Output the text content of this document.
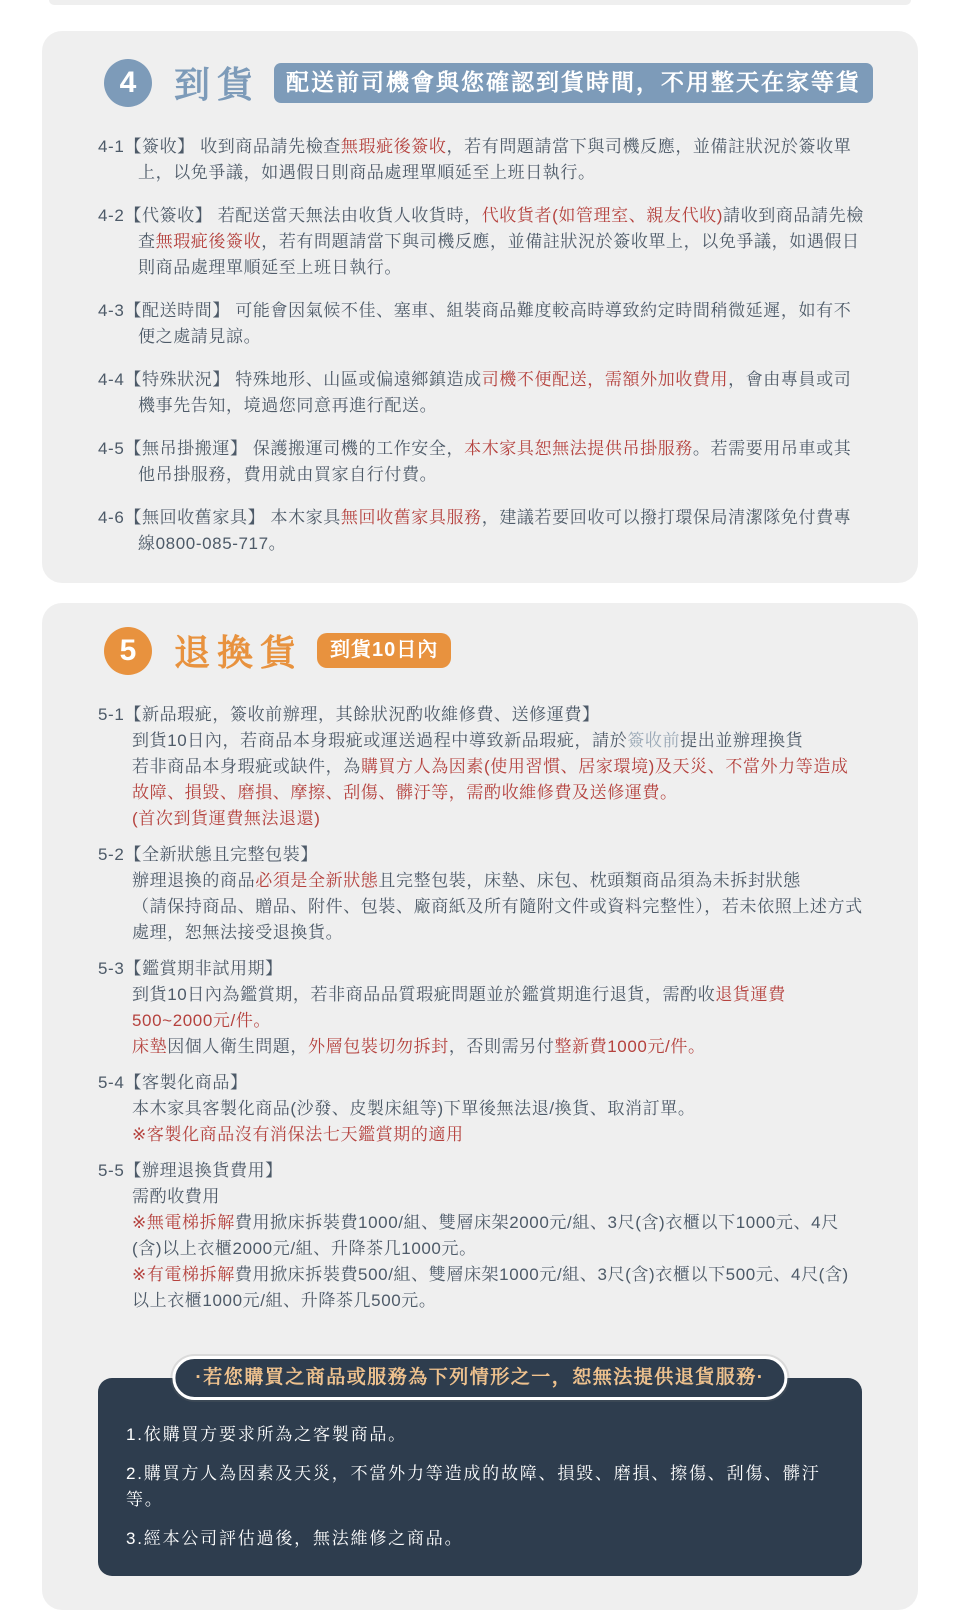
4	到貨	配送前司機會與您確認到貨時間，不用整天在家等貨

4-1【簽收】 收到商品請先檢查無瑕疵後簽收，若有問題請當下與司機反應，並備註狀況於簽收單上，以免爭議，如遇假日則商品處理單順延至上班日執行。

4-2【代簽收】 若配送當天無法由收貨人收貨時，代收貨者(如管理室、親友代收)請收到商品請先檢查無瑕疵後簽收，若有問題請當下與司機反應，並備註狀況於簽收單上，以免爭議，如遇假日則商品處理單順延至上班日執行。

4-3【配送時間】 可能會因氣候不佳、塞車、組裝商品難度較高時導致約定時間稍微延遲，如有不便之處請見諒。

4-4【特殊狀況】 特殊地形、山區或偏遠鄉鎮造成司機不便配送，需額外加收費用，會由專員或司機事先告知，境過您同意再進行配送。

4-5【無吊掛搬運】 保護搬運司機的工作安全，本木家具恕無法提供吊掛服務。若需要用吊車或其他吊掛服務，費用就由買家自行付費。

4-6【無回收舊家具】 本木家具無回收舊家具服務，建議若要回收可以撥打環保局清潔隊免付費專線0800-085-717。

5	退換貨	到貨10日內

5-1【新品瑕疵，簽收前辦理，其餘狀況酌收維修費、送修運費】
到貨10日內，若商品本身瑕疵或運送過程中導致新品瑕疵，請於簽收前提出並辦理換貨
若非商品本身瑕疵或缺件，為購買方人為因素(使用習慣、居家環境)及天災、不當外力等造成故障、損毀、磨損、摩擦、刮傷、髒汙等，需酌收維修費及送修運費。
(首次到貨運費無法退還)

5-2【全新狀態且完整包裝】
辦理退換的商品必須是全新狀態且完整包裝，床墊、床包、枕頭類商品須為未拆封狀態
（請保持商品、贈品、附件、包裝、廠商紙及所有隨附文件或資料完整性），若未依照上述方式處理，恕無法接受退換貨。

5-3【鑑賞期非試用期】
到貨10日內為鑑賞期，若非商品品質瑕疵問題並於鑑賞期進行退貨，需酌收退貨運費500~2000元/件。
床墊因個人衛生問題，外層包裝切勿拆封，否則需另付整新費1000元/件。

5-4【客製化商品】
本木家具客製化商品(沙發、皮製床組等)下單後無法退/換貨、取消訂單。
※客製化商品沒有消保法七天鑑賞期的適用

5-5【辦理退換貨費用】
需酌收費用
※無電梯拆解費用掀床拆裝費1000/組、雙層床架2000元/組、3尺(含)衣櫃以下1000元、4尺(含)以上衣櫃2000元/組、升降茶几1000元。
※有電梯拆解費用掀床拆裝費500/組、雙層床架1000元/組、3尺(含)衣櫃以下500元、4尺(含)以上衣櫃1000元/組、升降茶几500元。

·若您購買之商品或服務為下列情形之一，恕無法提供退貨服務·

1.依購買方要求所為之客製商品。

2.購買方人為因素及天災，不當外力等造成的故障、損毀、磨損、擦傷、刮傷、髒汙等。

3.經本公司評估過後，無法維修之商品。
